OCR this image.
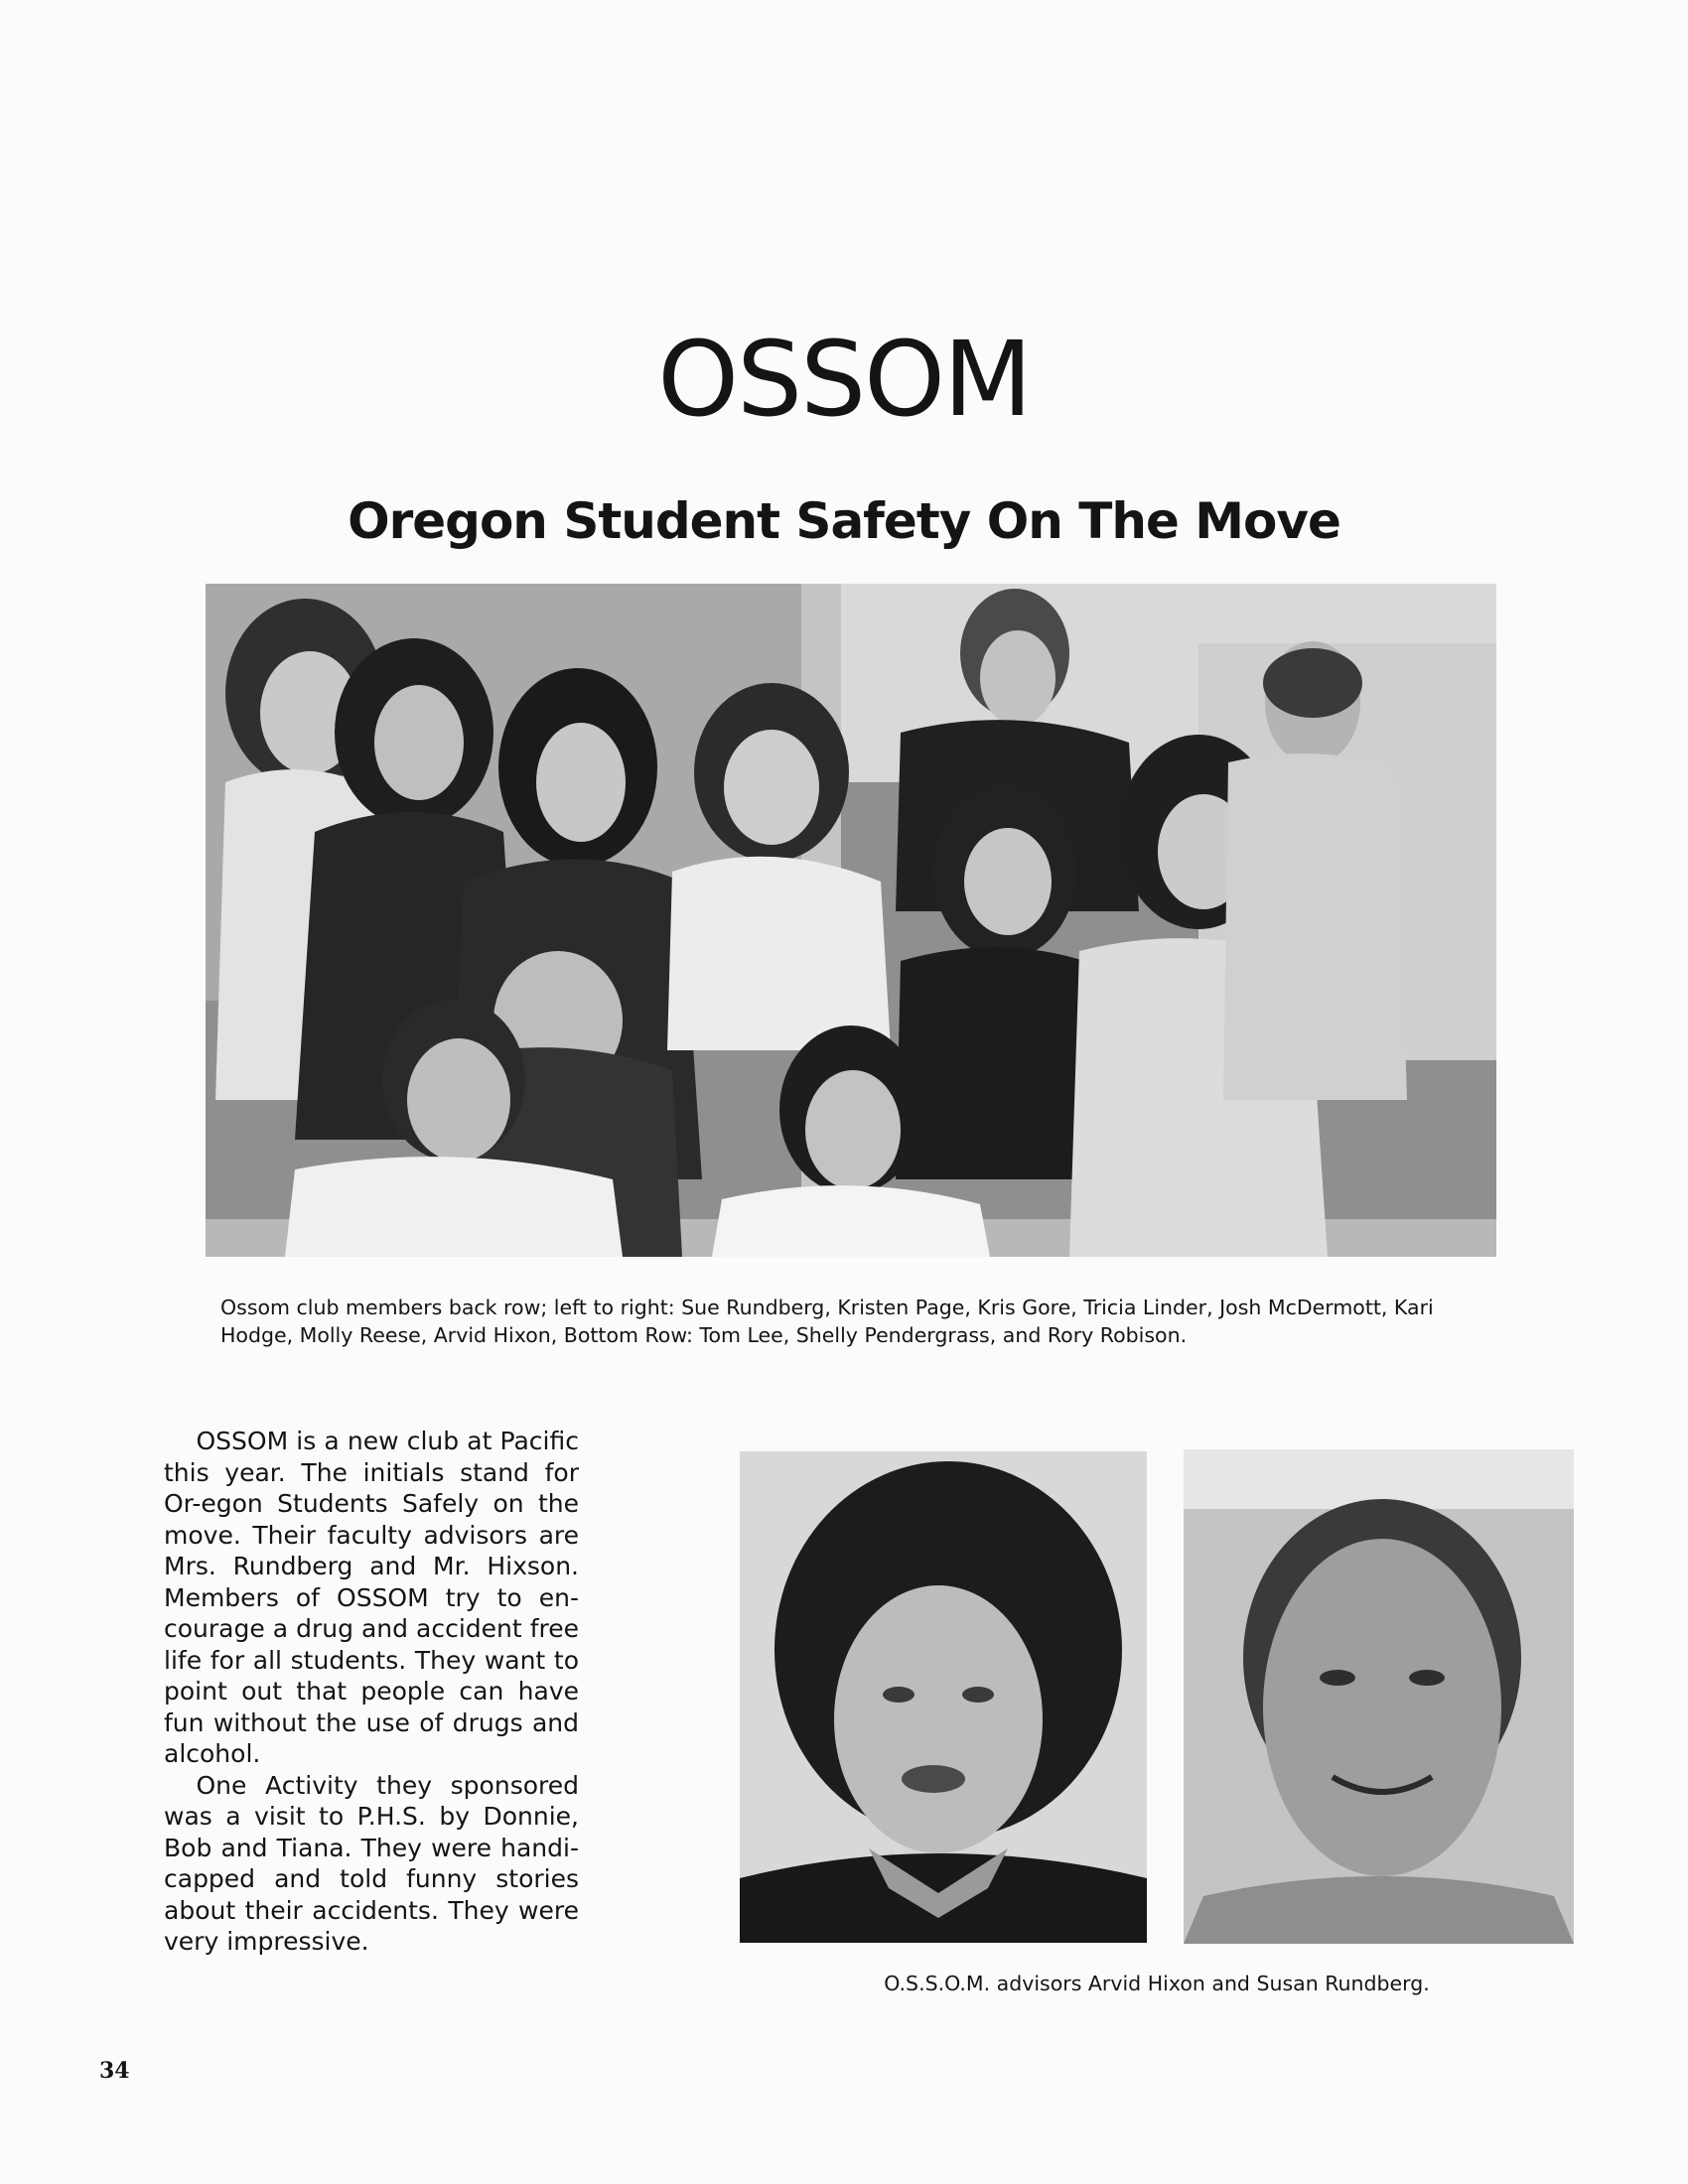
OSSOM
Oregon Student Safety On The Move

Ossom club members back row; left to right: Sue Rundberg, Kristen Page, Kris Gore, Tricia Linder, Josh McDermott, Kari Hodge, Molly Reese, Arvid Hixon, Bottom Row: Tom Lee, Shelly Pendergrass, and Rory Robison.

OSSOM is a new club at Pacific this year. The initials stand for Or-egon Students Safely on the move. Their faculty advisors are Mrs. Rundberg and Mr. Hixson. Members of OSSOM try to en-courage a drug and accident free life for all students. They want to point out that people can have fun without the use of drugs and alcohol.

One Activity they sponsored was a visit to P.H.S. by Donnie, Bob and Tiana. They were handi-capped and told funny stories about their accidents. They were very impressive.

O.S.S.O.M. advisors Arvid Hixon and Susan Rundberg.

34
